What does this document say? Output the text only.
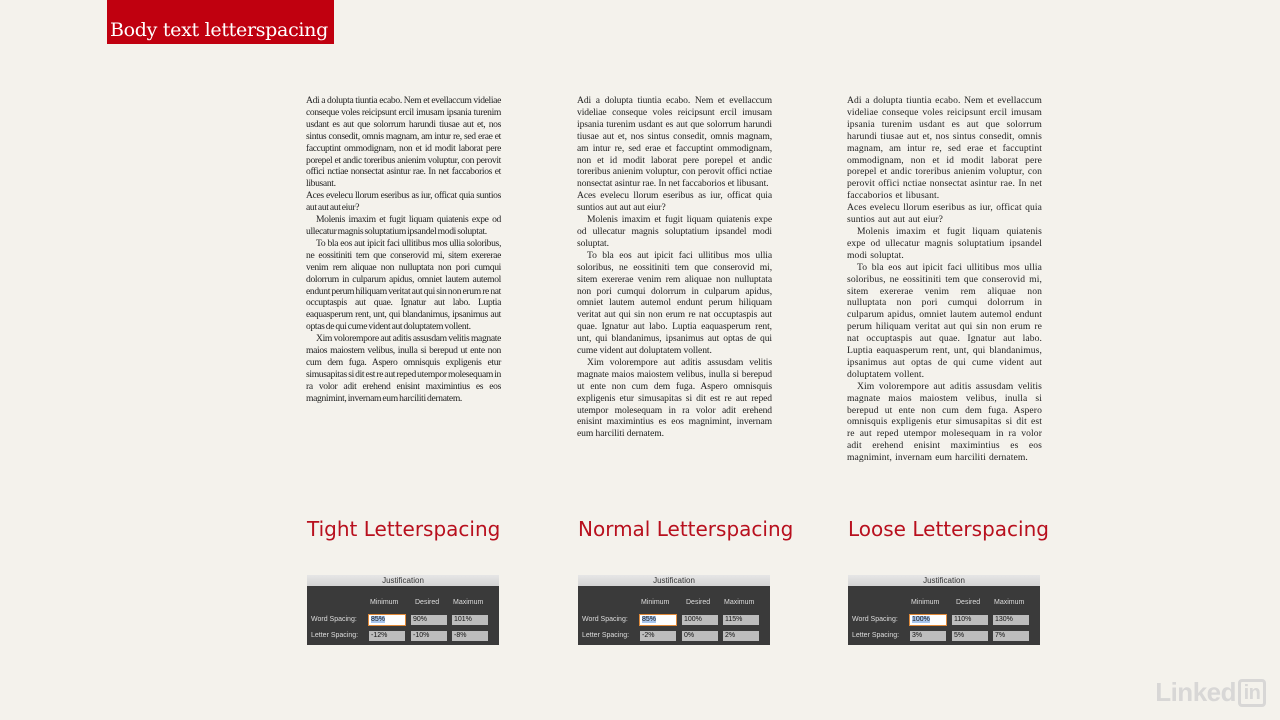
Body text letterspacing

Adi a dolupta tiuntia ecabo. Nem et evellaccum videliae conseque voles reicipsunt ercil imusam ipsania turenim usdant es aut que solorrum harundi tiusae aut et, nos sintus consedit, omnis magnam, am intur re, sed erae et faccuptint ommodignam, non et id modit laborat pere porepel et andic toreribus anienim voluptur, con perovit offici nctiae nonsectat asintur rae. In net faccaborios et libusant.

Aces evelecu llorum eseribus as iur, officat quia suntios aut aut aut eiur?

Molenis imaxim et fugit liquam quiatenis expe od ullecatur magnis soluptatium ipsandel modi soluptat.

To bla eos aut ipicit faci ullitibus mos ullia soloribus, ne eossitiniti tem que conserovid mi, sitem exererae venim rem aliquae non nulluptata non pori cumqui dolorrum in culparum apidus, omniet lautem autemol endunt perum hiliquam veritat aut qui sin non erum re nat occuptaspis aut quae. Ignatur aut labo. Luptia eaquasperum rent, unt, qui blandanimus, ipsanimus aut optas de qui cume vident aut doluptatem vollent.

Xim volorempore aut aditis assusdam velitis magnate maios maiostem velibus, inulla si berepud ut ente non cum dem fuga. Aspero omnisquis expligenis etur simusapitas si dit est re aut reped utempor molesequam in ra volor adit erehend enisint maximintius es eos magnimint, invernam eum harciliti dernatem.

Adi a dolupta tiuntia ecabo. Nem et evellaccum videliae conseque voles reicipsunt ercil imusam ipsania turenim usdant es aut que solorrum harundi tiusae aut et, nos sintus consedit, omnis magnam, am intur re, sed erae et faccuptint ommodignam, non et id modit laborat pere porepel et andic toreribus anienim voluptur, con perovit offici nctiae nonsectat asintur rae. In net faccaborios et libusant.

Aces evelecu llorum eseribus as iur, officat quia suntios aut aut aut eiur?

Molenis imaxim et fugit liquam quiatenis expe od ullecatur magnis soluptatium ipsandel modi soluptat.

To bla eos aut ipicit faci ullitibus mos ullia soloribus, ne eossitiniti tem que conserovid mi, sitem exererae venim rem aliquae non nulluptata non pori cumqui dolorrum in culparum apidus, omniet lautem autemol endunt perum hiliquam veritat aut qui sin non erum re nat occuptaspis aut quae. Ignatur aut labo. Luptia eaquasperum rent, unt, qui blandanimus, ipsanimus aut optas de qui cume vident aut doluptatem vollent.

Xim volorempore aut aditis assusdam velitis magnate maios maiostem velibus, inulla si berepud ut ente non cum dem fuga. Aspero omnisquis expligenis etur simusapitas si dit est re aut reped utempor molesequam in ra volor adit erehend enisint maximintius es eos magnimint, invernam eum harciliti dernatem.

Adi a dolupta tiuntia ecabo. Nem et evellaccum videliae conseque voles reicipsunt ercil imusam ipsania turenim usdant es aut que solorrum harundi tiusae aut et, nos sintus consedit, omnis magnam, am intur re, sed erae et faccuptint ommodignam, non et id modit laborat pere porepel et andic toreribus anienim voluptur, con perovit offici nctiae nonsectat asintur rae. In net faccaborios et libusant.

Aces evelecu llorum eseribus as iur, officat quia suntios aut aut aut eiur?

Molenis imaxim et fugit liquam quiatenis expe od ullecatur magnis soluptatium ipsandel modi soluptat.

To bla eos aut ipicit faci ullitibus mos ullia soloribus, ne eossitiniti tem que conserovid mi, sitem exererae venim rem aliquae non nulluptata non pori cumqui dolorrum in culparum apidus, omniet lautem autemol endunt perum hiliquam veritat aut qui sin non erum re nat occuptaspis aut quae. Ignatur aut labo. Luptia eaquasperum rent, unt, qui blandanimus, ipsanimus aut optas de qui cume vident aut doluptatem vollent.

Xim volorempore aut aditis assusdam velitis magnate maios maiostem velibus, inulla si berepud ut ente non cum dem fuga. Aspero omnisquis expligenis etur simusapitas si dit est re aut reped utempor molesequam in ra volor adit erehend enisint maximintius es eos magnimint, invernam eum harciliti dernatem.

Tight Letterspacing	Normal Letterspacing	Loose Letterspacing
Justification
Minimum Desired Maximum
Word Spacing: 85%	90%	101%
Letter Spacing: -12%	-10%	-8%
Justification
Minimum Desired Maximum
Word Spacing: 85%	100%	115%
Letter Spacing: -2%	0%	2%
Justification
Minimum Desired Maximum
Word Spacing: 100%	110%	130%
Letter Spacing: 3%	5%	7%
Linked in
